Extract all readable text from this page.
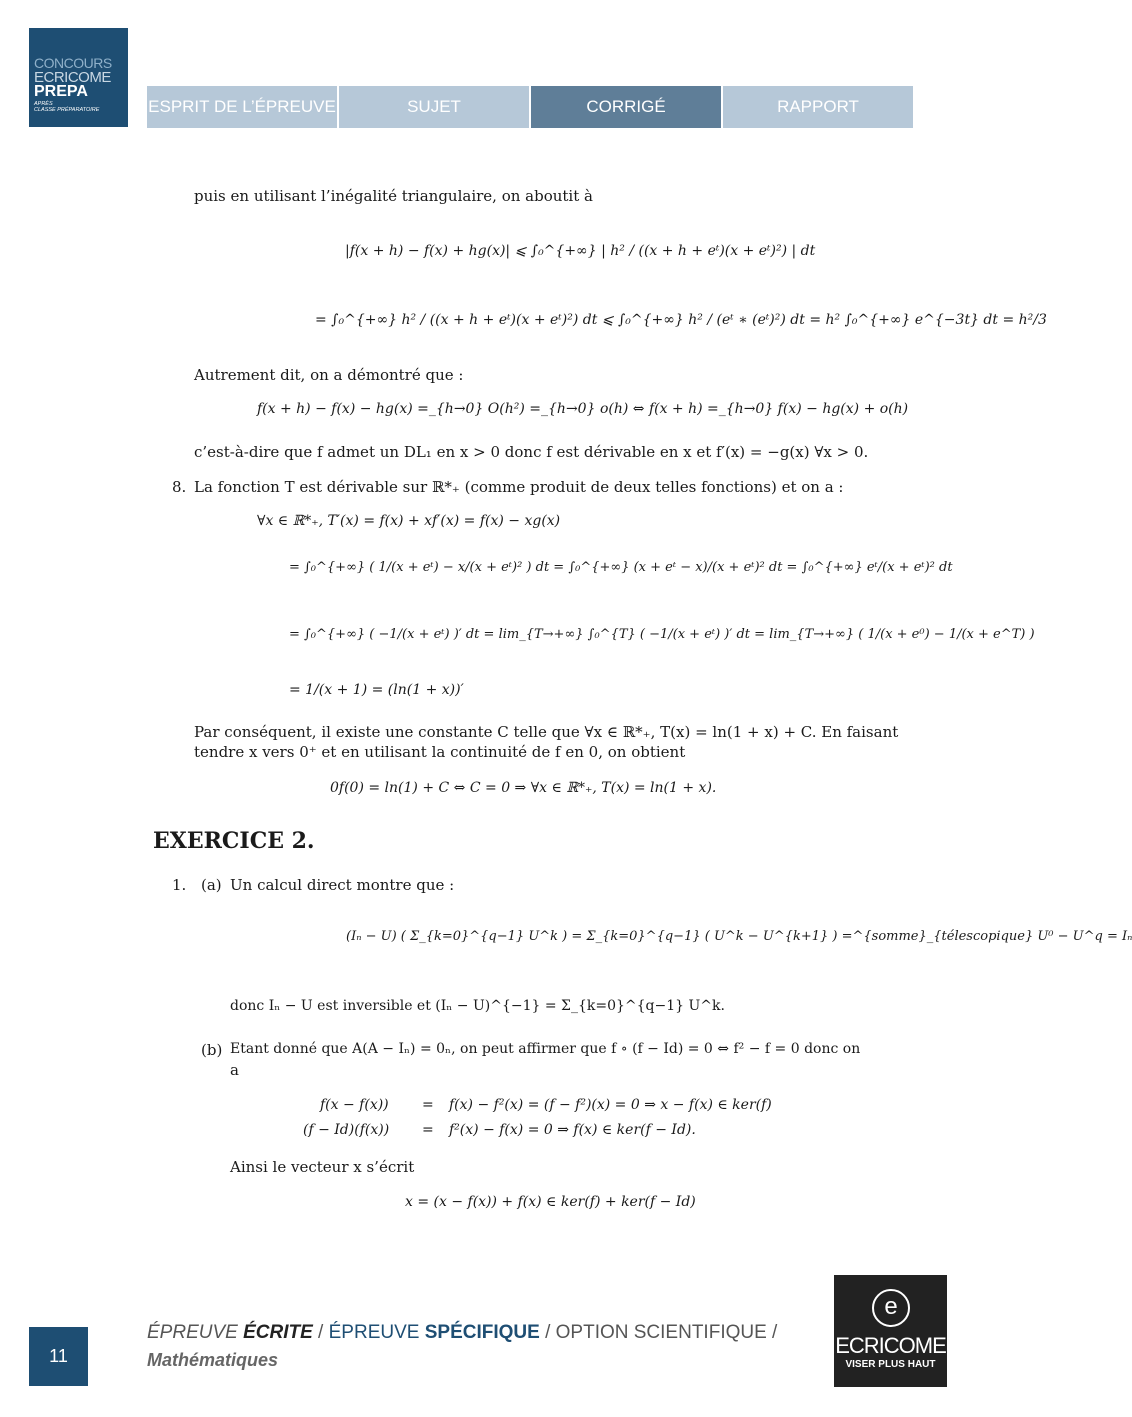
CONCOURS
ECRICOME
PREPA
APRÈS
CLASSE PRÉPARATOIRE	ESPRIT DE L’ÉPREUVE	SUJET	CORRIGÉ	RAPPORT
puis en utilisant l’inégalité triangulaire, on aboutit à
|f(x + h) − f(x) + hg(x)| ⩽ ∫₀^{+∞} | h² / ((x + h + eᵗ)(x + eᵗ)²) | dt
= ∫₀^{+∞} h² / ((x + h + eᵗ)(x + eᵗ)²) dt ⩽ ∫₀^{+∞} h² / (eᵗ ∗ (eᵗ)²) dt = h² ∫₀^{+∞} e^{−3t} dt = h²/3
Autrement dit, on a démontré que :
f(x + h) − f(x) − hg(x) =_{h→0} O(h²) =_{h→0} o(h) ⇔ f(x + h) =_{h→0} f(x) − hg(x) + o(h)
c’est-à-dire que f admet un DL₁ en x > 0 donc f est dérivable en x et f′(x) = −g(x) ∀x > 0.
8. La fonction T est dérivable sur ℝ*₊ (comme produit de deux telles fonctions) et on a :
∀x ∈ ℝ*₊, T′(x) = f(x) + xf′(x) = f(x) − xg(x)
= ∫₀^{+∞} ( 1/(x + eᵗ) − x/(x + eᵗ)² ) dt = ∫₀^{+∞} (x + eᵗ − x)/(x + eᵗ)² dt = ∫₀^{+∞} eᵗ/(x + eᵗ)² dt
= ∫₀^{+∞} ( −1/(x + eᵗ) )′ dt = lim_{T→+∞} ∫₀^{T} ( −1/(x + eᵗ) )′ dt = lim_{T→+∞} ( 1/(x + e⁰) − 1/(x + e^T) )
= 1/(x + 1) = (ln(1 + x))′
Par conséquent, il existe une constante C telle que ∀x ∈ ℝ*₊, T(x) = ln(1 + x) + C. En faisant
tendre x vers 0⁺ et en utilisant la continuité de f en 0, on obtient
0f(0) = ln(1) + C ⇔ C = 0 ⇒ ∀x ∈ ℝ*₊, T(x) = ln(1 + x).
EXERCICE 2.
1. (a) Un calcul direct montre que :
(Iₙ − U) ( Σ_{k=0}^{q−1} U^k ) = Σ_{k=0}^{q−1} ( U^k − U^{k+1} ) =^{somme}_{télescopique} U⁰ − U^q = Iₙ
donc Iₙ − U est inversible et (Iₙ − U)^{−1} = Σ_{k=0}^{q−1} U^k.
(b) Etant donné que A(A − Iₙ) = 0ₙ, on peut affirmer que f ∘ (f − Id) = 0 ⇔ f² − f = 0 donc on
a
f(x − f(x)) = f(x) − f²(x) = (f − f²)(x) = 0 ⇒ x − f(x) ∈ ker(f)
(f − Id)(f(x)) = f²(x) − f(x) = 0 ⇒ f(x) ∈ ker(f − Id).
Ainsi le vecteur x s’écrit
x = (x − f(x)) + f(x) ∈ ker(f) + ker(f − Id)
11
ÉPREUVE ÉCRITE / ÉPREUVE SPÉCIFIQUE / OPTION SCIENTIFIQUE /
Mathématiques
e
ECRICOME
VISER PLUS HAUT
